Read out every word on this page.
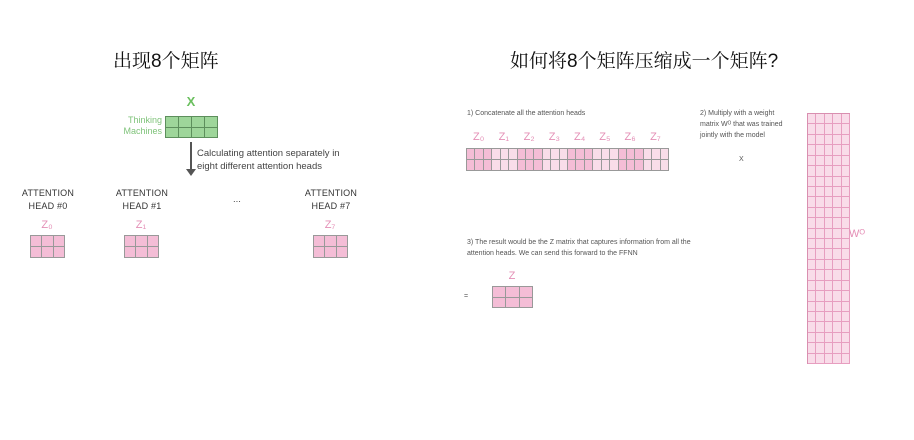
出现8个矩阵
X
Thinking Machines
Calculating attention separately in eight different attention heads
ATTENTION HEAD #0
Z₀
ATTENTION HEAD #1
Z₁
...
ATTENTION HEAD #7
Z₇
如何将8个矩阵压缩成一个矩阵?
1) Concatenate all the attention heads
Z₀	Z₁	Z₂	Z₃	Z₄	Z₅	Z₆	Z₇
2) Multiply with a weight matrix Wᴼ that was trained jointly with the model
X
Wᴼ
3) The result would be the Z matrix that captures information from all the attention heads. We can send this forward to the FFNN
=
Z
